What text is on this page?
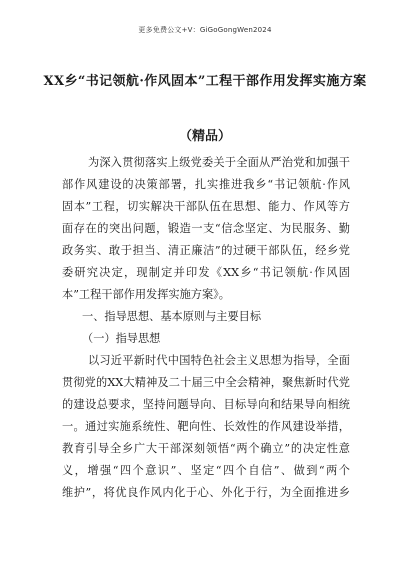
更多免费公文+V：GiGoGongWen2024
XX乡“书记领航·作风固本”工程干部作用发挥实施方案
（精品）
为深入贯彻落实上级党委关于全面从严治党和加强干
部作风建设的决策部署，扎实推进我乡“书记领航·作风
固本”工程，切实解决干部队伍在思想、能力、作风等方
面存在的突出问题，锻造一支“信念坚定、为民服务、勤
政务实、敢于担当、清正廉洁”的过硬干部队伍，经乡党
委研究决定，现制定并印发《XX乡“书记领航·作风固
本”工程干部作用发挥实施方案》。
一、指导思想、基本原则与主要目标
（一）指导思想
以习近平新时代中国特色社会主义思想为指导，全面
贯彻党的XX大精神及二十届三中全会精神，聚焦新时代党
的建设总要求，坚持问题导向、目标导向和结果导向相统
一。通过实施系统性、靶向性、长效性的作风建设举措，
教育引导全乡广大干部深刻领悟“两个确立”的决定性意
义，增强“四个意识”、坚定“四个自信”、做到“两个
维护”，将优良作风内化于心、外化于行，为全面推进乡
